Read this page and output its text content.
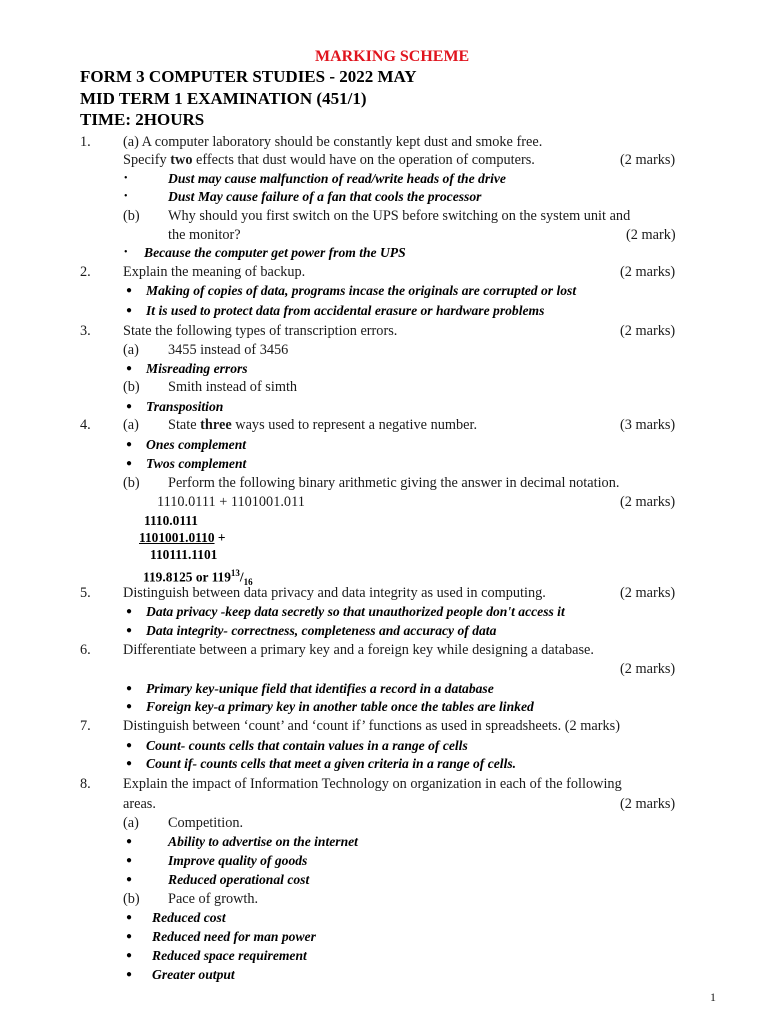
MARKING SCHEME
FORM 3 COMPUTER STUDIES - 2022 MAY
MID TERM 1 EXAMINATION (451/1)
TIME: 2HOURS
1. (a) A computer laboratory should be constantly kept dust and smoke free.
Specify two effects that dust would have on the operation of computers.	(2 marks)
•	Dust may cause malfunction of read/write heads of the drive
•	Dust May cause failure of a fan that cools the processor
(b) Why should you first switch on the UPS before switching on the system unit and
the monitor?	(2 mark)
• Because the computer get power from the UPS
2. Explain the meaning of backup.	(2 marks)
● Making of copies of data, programs incase the originals are corrupted or lost
● It is used to protect data from accidental erasure or hardware problems
3. State the following types of transcription errors.	(2 marks)
(a) 3455 instead of 3456
● Misreading errors
(b) Smith instead of simth
● Transposition
4. (a) State three ways used to represent a negative number.	(3 marks)
● Ones complement
● Twos complement
(b) Perform the following binary arithmetic giving the answer in decimal notation.
1110.0111 + 1101001.011	(2 marks)
1110.0111
1101001.0110 +
110111.1101
119.8125 or $119^{13}/_{16}$
5. Distinguish between data privacy and data integrity as used in computing.	(2 marks)
● Data privacy -keep data secretly so that unauthorized people don't access it
● Data integrity- correctness, completeness and accuracy of data
6. Differentiate between a primary key and a foreign key while designing a database.
(2 marks)
● Primary key-unique field that identifies a record in a database
● Foreign key-a primary key in another table once the tables are linked
7. Distinguish between ‘count’ and ‘count if’ functions as used in spreadsheets. (2 marks)
● Count- counts cells that contain values in a range of cells
● Count if- counts cells that meet a given criteria in a range of cells.
8. Explain the impact of Information Technology on organization in each of the following
areas.	(2 marks)
(a) Competition.
●	Ability to advertise on the internet
●	Improve quality of goods
●	Reduced operational cost
(b) Pace of growth.
● Reduced cost
● Reduced need for man power
● Reduced space requirement
● Greater output
1
